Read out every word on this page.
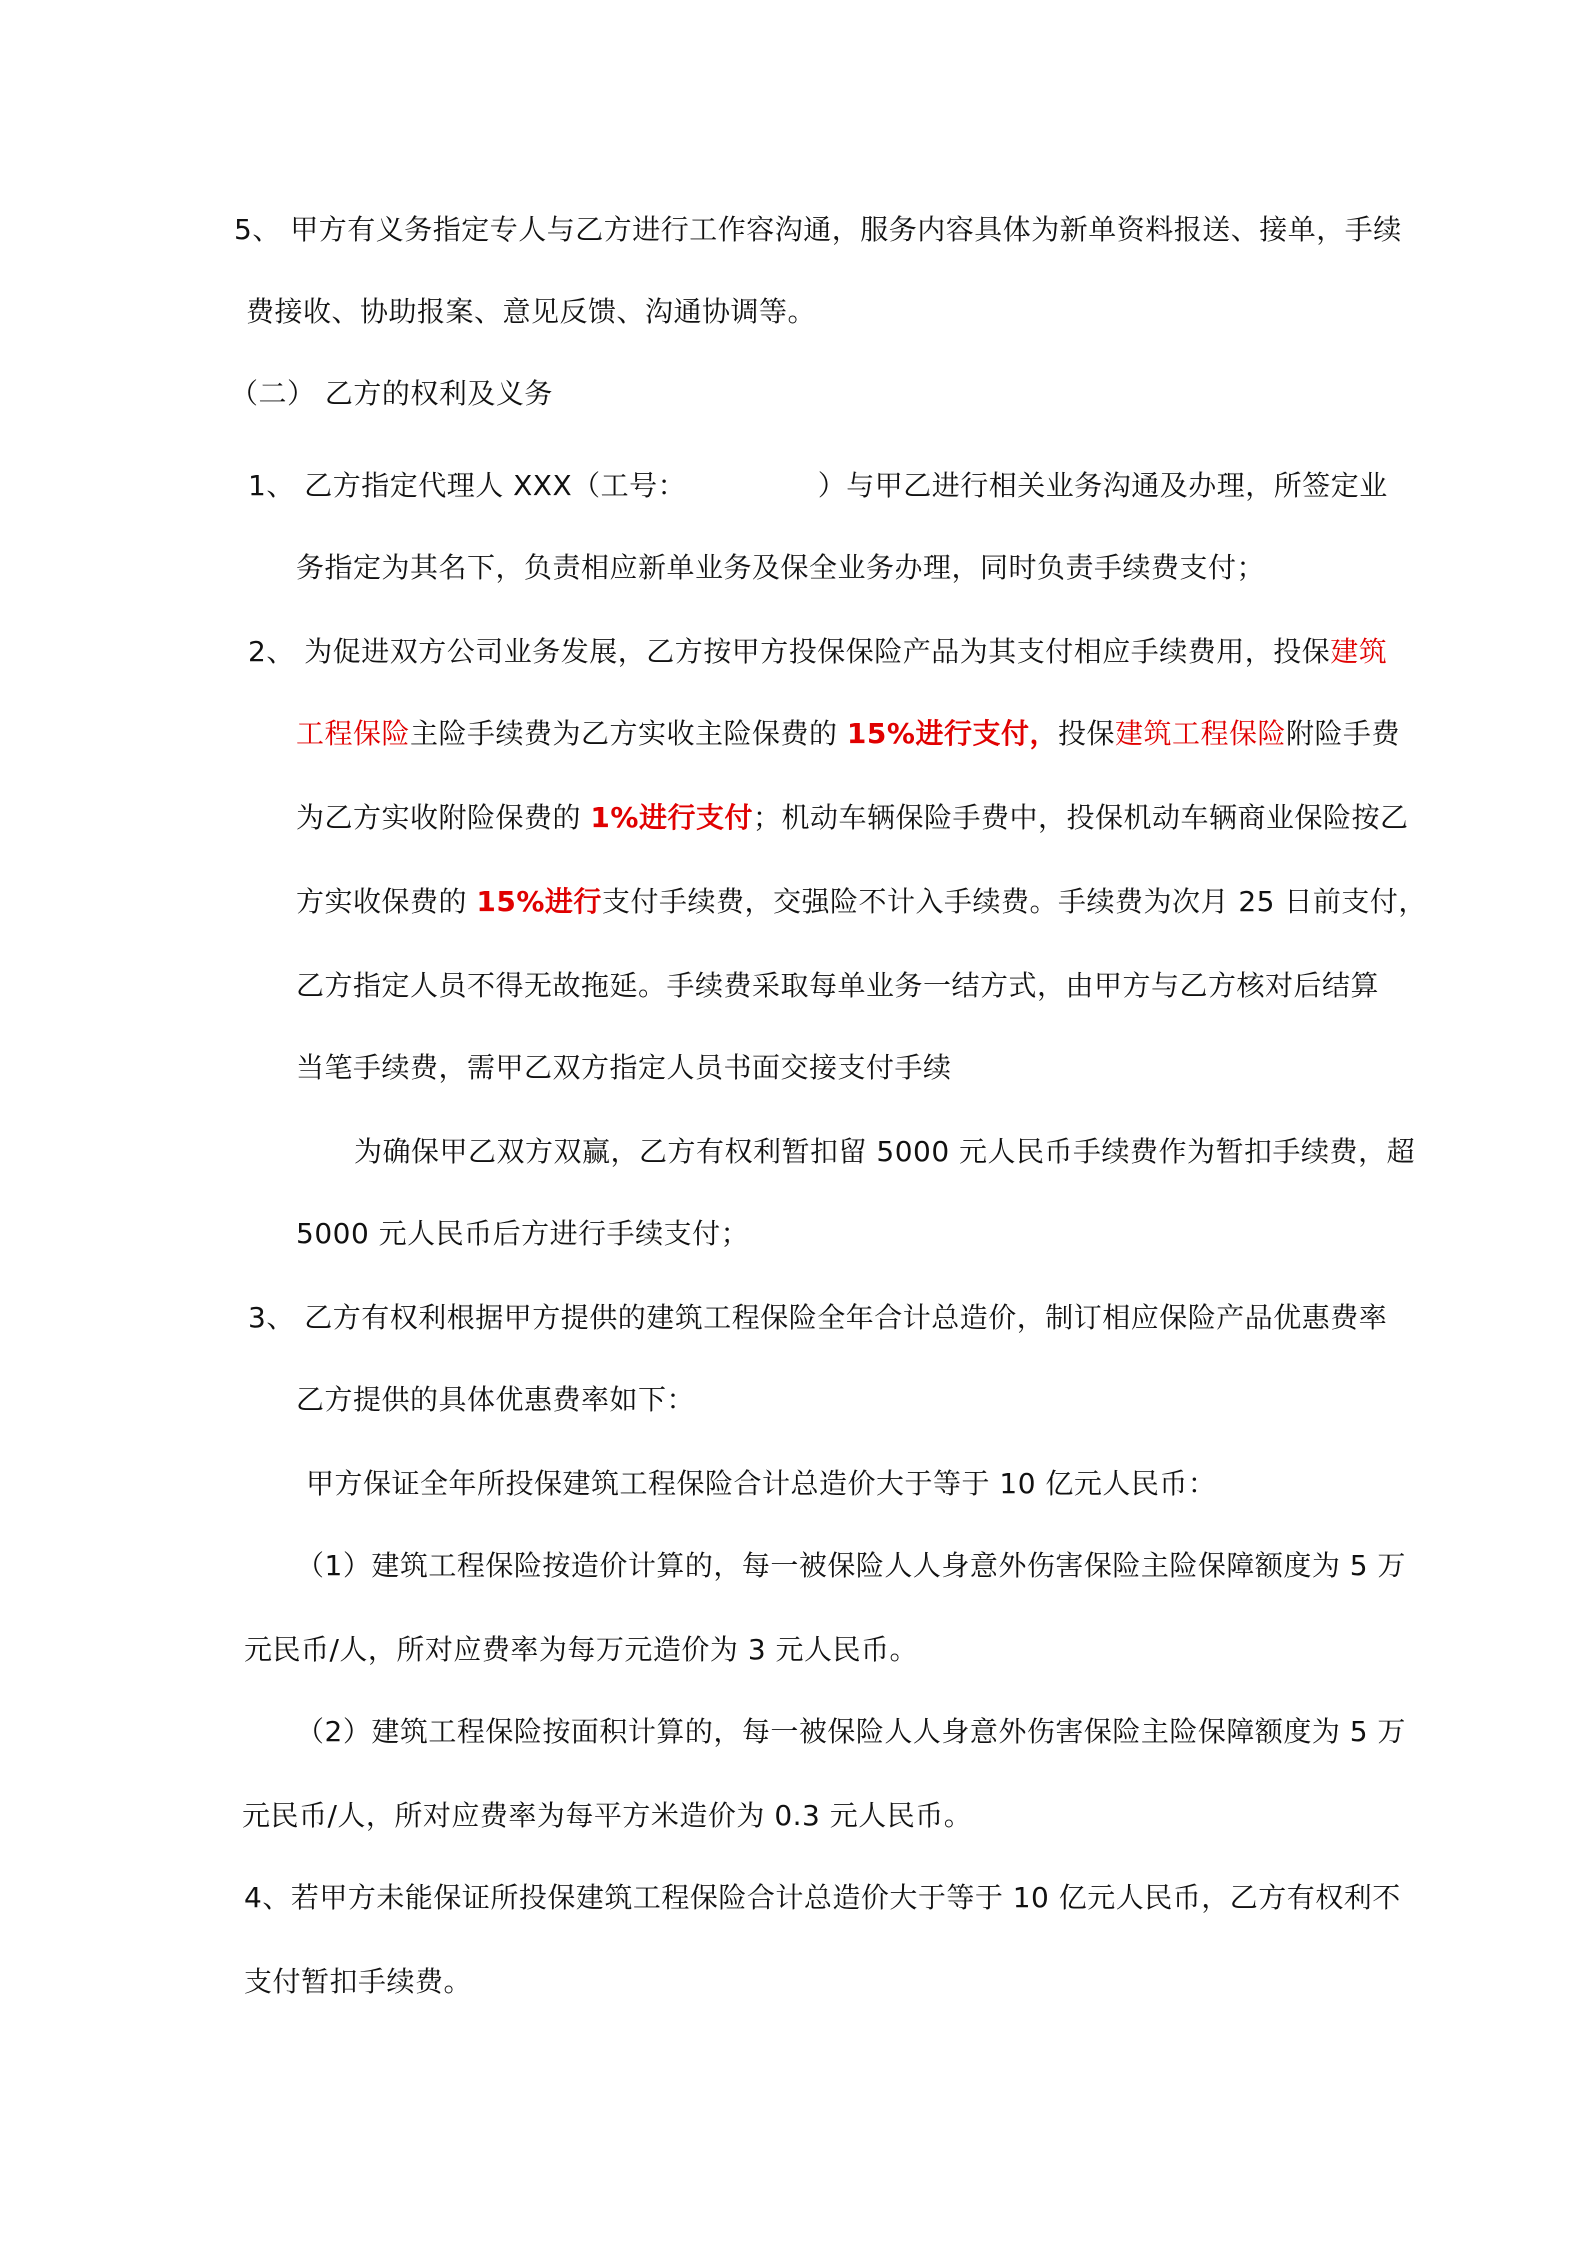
5、 甲方有义务指定专人与乙方进行工作容沟通，服务内容具体为新单资料报送、接单，手续
费接收、协助报案、意见反馈、沟通协调等。
（二） 乙方的权利及义务
1、 乙方指定代理人 XXX（工号：              ）与甲乙进行相关业务沟通及办理，所签定业
务指定为其名下，负责相应新单业务及保全业务办理，同时负责手续费支付；
2、 为促进双方公司业务发展，乙方按甲方投保保险产品为其支付相应手续费用，投保建筑
工程保险主险手续费为乙方实收主险保费的 15%进行支付，投保建筑工程保险附险手费
为乙方实收附险保费的 1%进行支付；机动车辆保险手费中，投保机动车辆商业保险按乙
方实收保费的 15%进行支付手续费，交强险不计入手续费。手续费为次月 25 日前支付，
乙方指定人员不得无故拖延。手续费采取每单业务一结方式，由甲方与乙方核对后结算
当笔手续费，需甲乙双方指定人员书面交接支付手续
为确保甲乙双方双赢，乙方有权利暂扣留 5000 元人民币手续费作为暂扣手续费，超
5000 元人民币后方进行手续支付；
3、 乙方有权利根据甲方提供的建筑工程保险全年合计总造价，制订相应保险产品优惠费率
乙方提供的具体优惠费率如下：
甲方保证全年所投保建筑工程保险合计总造价大于等于 10 亿元人民币：
（1）建筑工程保险按造价计算的，每一被保险人人身意外伤害保险主险保障额度为 5 万
元民币/人，所对应费率为每万元造价为 3 元人民币。
（2）建筑工程保险按面积计算的，每一被保险人人身意外伤害保险主险保障额度为 5 万
元民币/人，所对应费率为每平方米造价为 0.3 元人民币。
4、若甲方未能保证所投保建筑工程保险合计总造价大于等于 10 亿元人民币，乙方有权利不
支付暂扣手续费。
